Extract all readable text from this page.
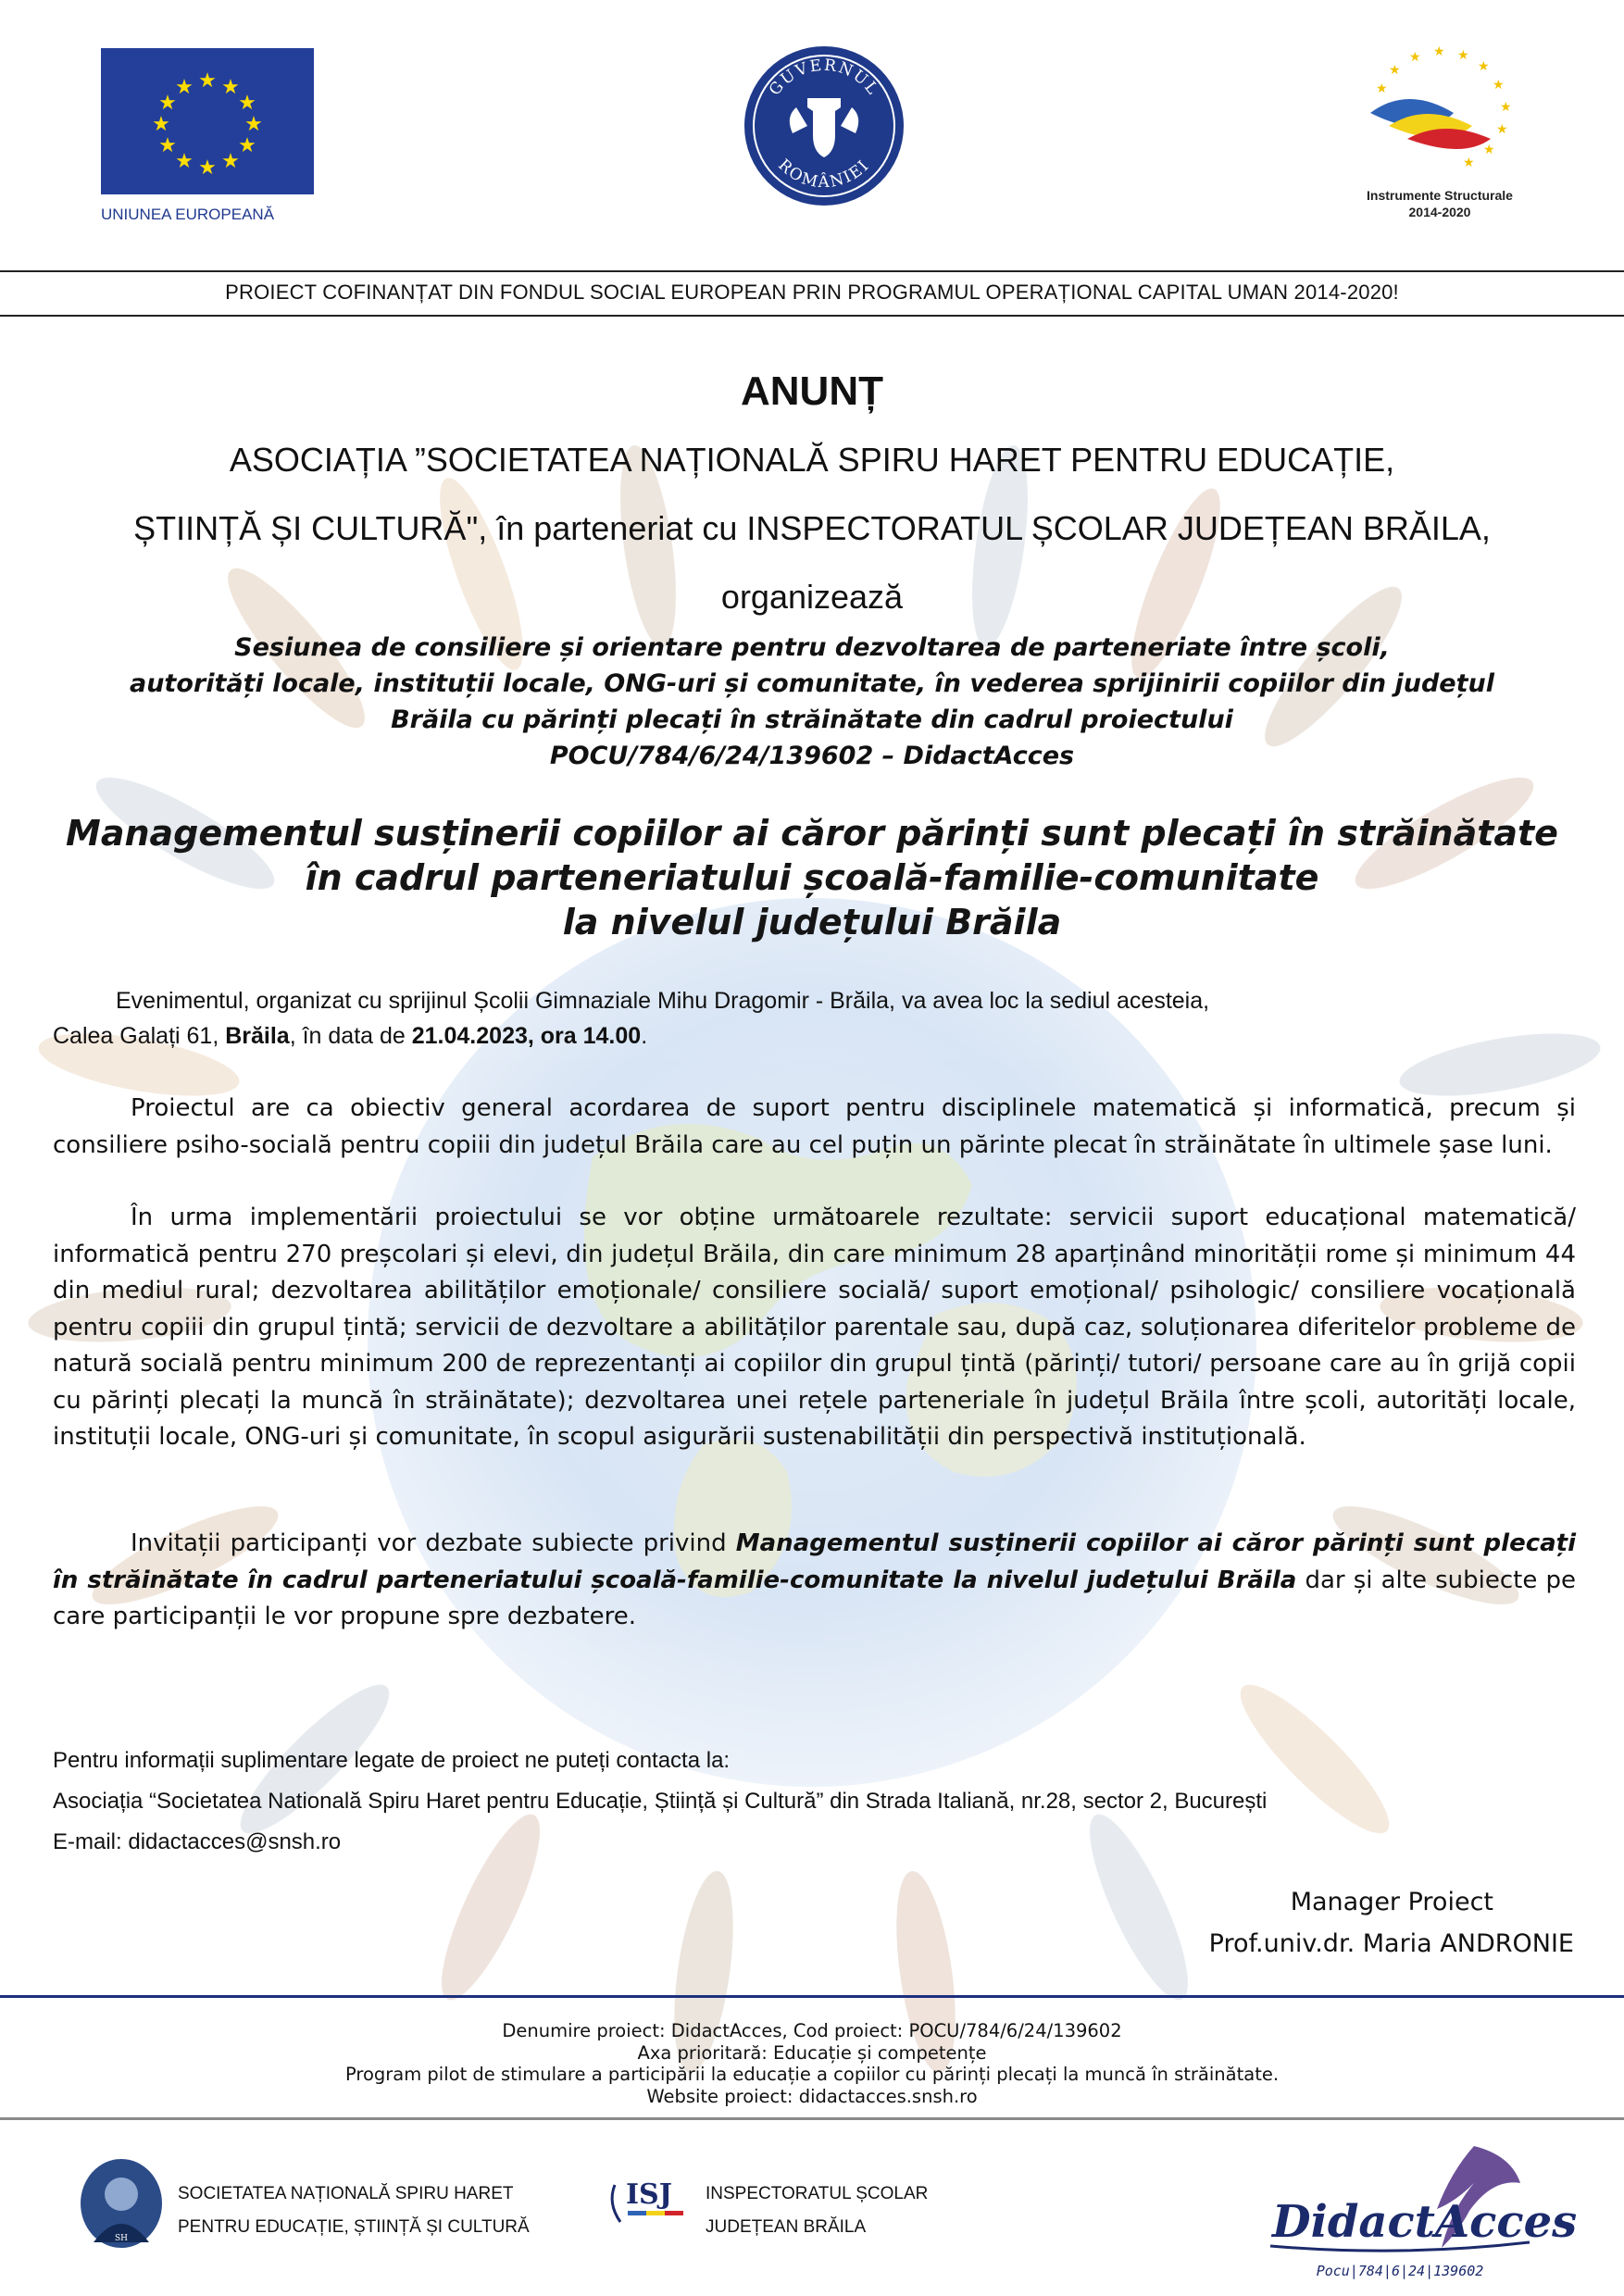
★ ★
★
★
★
★
★
★
★
★
★
★
UNIUNEA EUROPEANĂ
GUVERNUL
ROMÂNIEI
★
★ ★ ★
★
★
★
★
★
★
★
Instrumente Structurale
2014-2020
PROIECT COFINANȚAT DIN FONDUL SOCIAL EUROPEAN PRIN PROGRAMUL OPERAȚIONAL CAPITAL UMAN 2014-2020!
ANUNȚ
ASOCIAȚIA ”SOCIETATEA NAȚIONALĂ SPIRU HARET PENTRU EDUCAȚIE,
ȘTIINȚĂ ȘI CULTURĂ", în parteneriat cu INSPECTORATUL ȘCOLAR JUDEȚEAN BRĂILA,
organizează
Sesiunea de consiliere și orientare pentru dezvoltarea de parteneriate între școli,
autorități locale, instituții locale, ONG-uri și comunitate, în vederea sprijinirii copiilor din județul
Brăila cu părinți plecați în străinătate din cadrul proiectului
POCU/784/6/24/139602 – DidactAcces
Managementul susținerii copiilor ai căror părinți sunt plecați în străinătate
în cadrul parteneriatului școală-familie-comunitate
la nivelul județului Brăila
Evenimentul, organizat cu sprijinul Școlii Gimnaziale Mihu Dragomir - Brăila, va avea loc la sediul acesteia,
Calea Galați 61, Brăila, în data de 21.04.2023, ora 14.00.
Proiectul are ca obiectiv general acordarea de suport pentru disciplinele matematică și informatică, precum și consiliere psiho-socială pentru copiii din județul Brăila care au cel puțin un părinte plecat în străinătate în ultimele șase luni.
În urma implementării proiectului se vor obține următoarele rezultate: servicii suport educațional matematică/ informatică pentru 270 preșcolari și elevi, din județul Brăila, din care minimum 28 aparținând minorității rome și minimum 44 din mediul rural; dezvoltarea abilităților emoționale/ consiliere socială/ suport emoțional/ psihologic/ consiliere vocațională pentru copiii din grupul țintă; servicii de dezvoltare a abilităților parentale sau, după caz, soluționarea diferitelor probleme de natură socială pentru minimum 200 de reprezentanți ai copiilor din grupul țintă (părinți/ tutori/ persoane care au în grijă copii cu părinți plecați la muncă în străinătate); dezvoltarea unei rețele parteneriale în județul Brăila între școli, autorități locale, instituții locale, ONG-uri și comunitate, în scopul asigurării sustenabilității din perspectivă instituțională.
Invitații participanți vor dezbate subiecte privind Managementul susținerii copiilor ai căror părinți sunt plecați în străinătate în cadrul parteneriatului școală-familie-comunitate la nivelul județului Brăila dar și alte subiecte pe care participanții le vor propune spre dezbatere.
Pentru informații suplimentare legate de proiect ne puteți contacta la:
Asociația “Societatea Natională Spiru Haret pentru Educație, Știință și Cultură” din Strada Italiană, nr.28, sector 2, București
E-mail: didactacces@snsh.ro
Manager Proiect
Prof.univ.dr. Maria ANDRONIE
Denumire proiect: DidactAcces, Cod proiect: POCU/784/6/24/139602
Axa prioritară: Educație și competențe
Program pilot de stimulare a participării la educație a copiilor cu părinți plecați la muncă în străinătate.
Website proiect: didactacces.snsh.ro
SH
SOCIETATEA NAȚIONALĂ SPIRU HARET
PENTRU EDUCAȚIE, ȘTIINȚĂ ȘI CULTURĂ
ISJ INSPECTORATUL ȘCOLAR
JUDEȚEAN BRĂILA	DidactAcces
Pocu|784|6|24|139602
